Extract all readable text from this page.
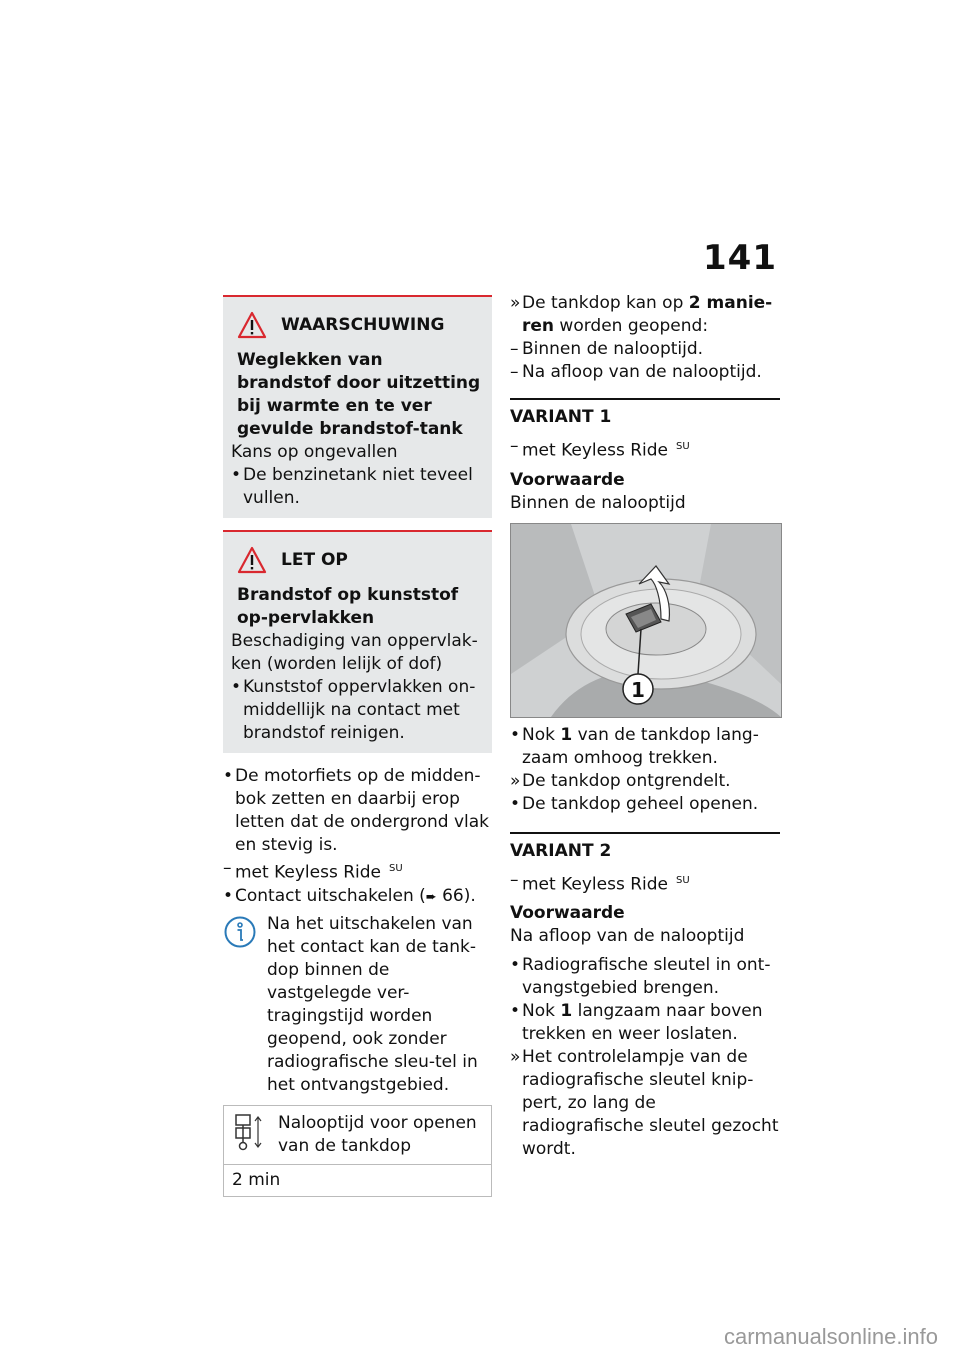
141
WAARSCHUWING

Weglekken van brandstof door uitzetting bij warmte en te ver gevulde brandstof-tank

Kans op ongevallen

• De benzinetank niet teveel vullen.
LET OP

Brandstof op kunststof op-pervlakken

Beschadiging van oppervlak-ken (worden lelijk of dof)

• Kunststof oppervlakken on-middellijk na contact met brandstof reinigen.
• De motorfiets op de midden-bok zetten en daarbij erop letten dat de ondergrond vlak en stevig is.
– met Keyless Ride $^{SU}$
• Contact uitschakelen (➨ 66).
Na het uitschakelen van het contact kan de tank-dop binnen de vastgelegde ver-tragingstijd worden geopend, ook zonder radiografische sleu-tel in het ontvangstgebied.
Nalooptijd voor openen van de tankdop
2 min
» De tankdop kan op 2 manie-ren worden geopend:
– Binnen de nalooptijd.
– Na afloop van de nalooptijd.
VARIANT 1
– met Keyless Ride $^{SU}$
Voorwaarde
Binnen de nalooptijd
1
• Nok 1 van de tankdop lang-zaam omhoog trekken.
» De tankdop ontgrendelt.
• De tankdop geheel openen.
VARIANT 2
– met Keyless Ride $^{SU}$
Voorwaarde
Na afloop van de nalooptijd
• Radiografische sleutel in ont-vangstgebied brengen.
• Nok 1 langzaam naar boven trekken en weer loslaten.
» Het controlelampje van de radiografische sleutel knip-pert, zo lang de radiografische sleutel gezocht wordt.
carmanualsonline.info
